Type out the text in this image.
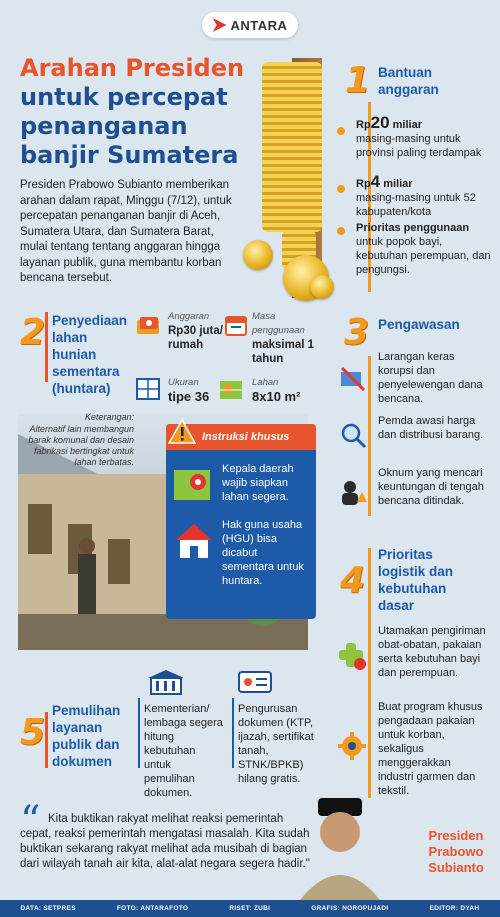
ANTARA
Arahan Presiden
untuk percepat
penanganan
banjir Sumatera
Presiden Prabowo Subianto memberikan arahan dalam rapat, Minggu (7/12), untuk percepatan penanganan banjir di Aceh, Sumatera Utara, dan Sumatera Barat, mulai tentang tentang anggaran hingga layanan publik, guna membantu korban bencana tersebut.
1 Bantuan anggaran
Rp20 miliar
masing-masing untuk provinsi paling terdampak
Rp4 miliar
masing-masing untuk 52 kabupaten/kota
Prioritas penggunaan
untuk popok bayi, kebutuhan perempuan, dan pengungsi.
2 Penyediaan lahan hunian sementara (huntara)
Anggaran
Rp30 juta/ rumah
Masa penggunaan
maksimal 1 tahun
Ukuran
tipe 36
Lahan
8x10 m²
Keterangan:
Alternatif lain membangun barak komunal dan desain fabrikasi bertingkat untuk lahan terbatas.
Instruksi khusus
Kepala daerah wajib siapkan lahan segera.
Hak guna usaha (HGU) bisa dicabut sementara untuk huntara.
3 Pengawasan
Larangan keras korupsi dan penyelewengan dana bencana.
Pemda awasi harga dan distribusi barang.
Oknum yang mencari keuntungan di tengah bencana ditindak.
4
Prioritas logistik dan kebutuhan dasar
Utamakan pengiriman obat-obatan, pakaian serta kebutuhan bayi dan perempuan.
Buat program khusus pengadaan pakaian untuk korban, sekaligus menggerakkan industri garmen dan tekstil.
5
Pemulihan layanan publik dan dokumen
Kementerian/ lembaga segera hitung kebutuhan untuk pemulihan dokumen.
Pengurusan dokumen (KTP, ijazah, sertifikat tanah, STNK/BPKB) hilang gratis.
“ Kita buktikan rakyat melihat reaksi pemerintah cepat, reaksi pemerintah mengatasi masalah. Kita sudah buktikan sekarang rakyat melihat ada musibah di bagian dari wilayah tanah air kita, alat-alat negara segera hadir."
Presiden Prabowo Subianto
DATA: SETPRES	FOTO: ANTARAFOTO	RISET: ZUBI	GRAFIS: NOROPUJADI	EDITOR: DYAH
